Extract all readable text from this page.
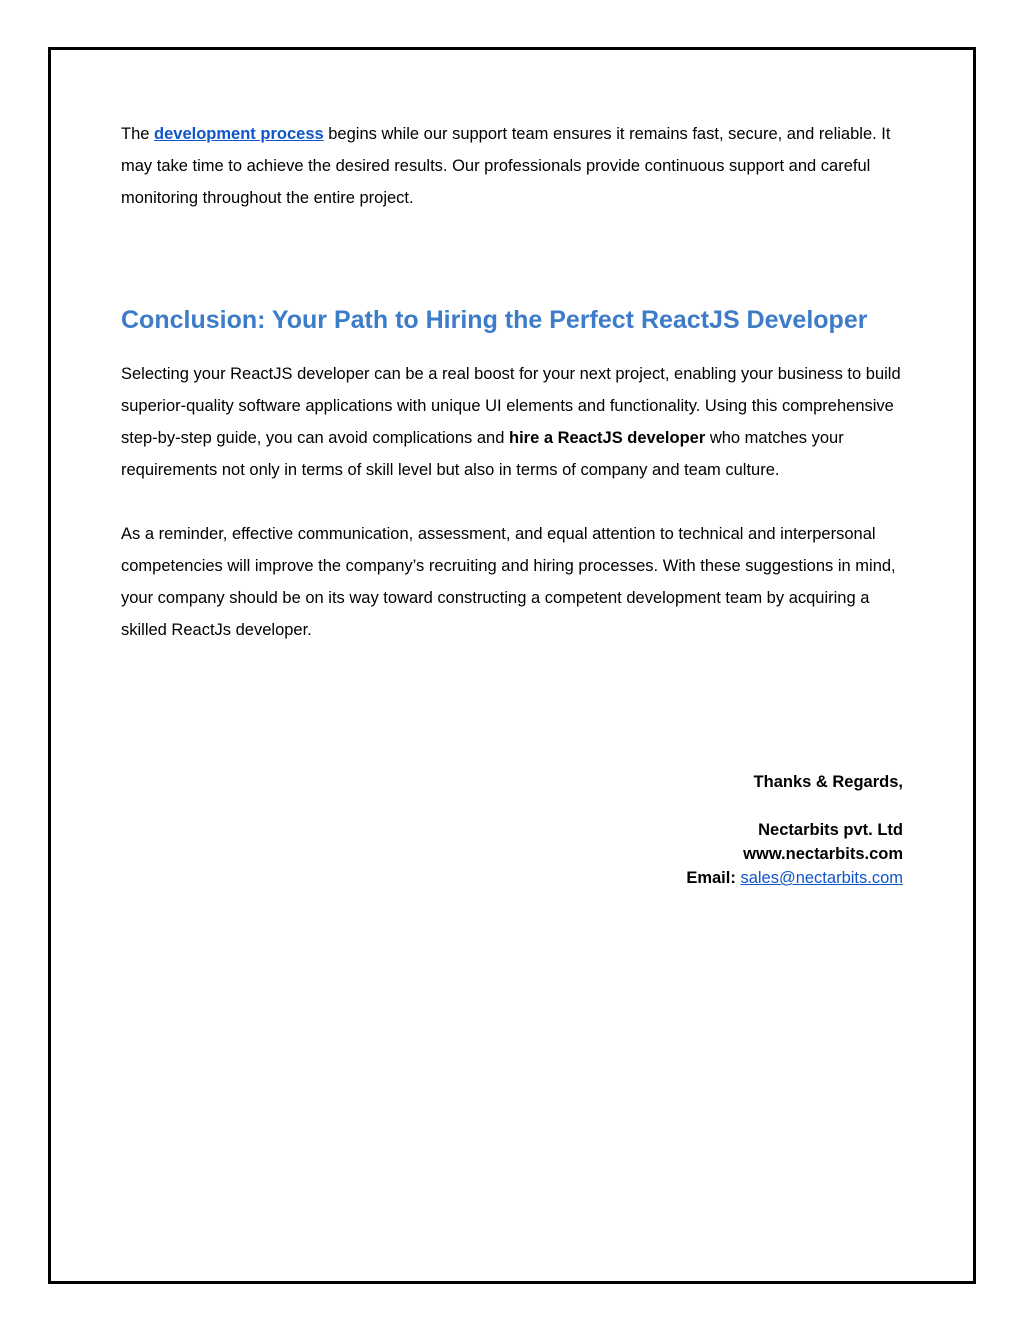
The development process begins while our support team ensures it remains fast, secure, and reliable. It may take time to achieve the desired results. Our professionals provide continuous support and careful monitoring throughout the entire project.

Conclusion: Your Path to Hiring the Perfect ReactJS Developer

Selecting your ReactJS developer can be a real boost for your next project, enabling your business to build superior-quality software applications with unique UI elements and functionality. Using this comprehensive step-by-step guide, you can avoid complications and hire a ReactJS developer who matches your requirements not only in terms of skill level but also in terms of company and team culture.

As a reminder, effective communication, assessment, and equal attention to technical and interpersonal competencies will improve the company’s recruiting and hiring processes. With these suggestions in mind, your company should be on its way toward constructing a competent development team by acquiring a skilled ReactJs developer.

Thanks & Regards,

Nectarbits pvt. Ltd

www.nectarbits.com

Email: sales@nectarbits.com
